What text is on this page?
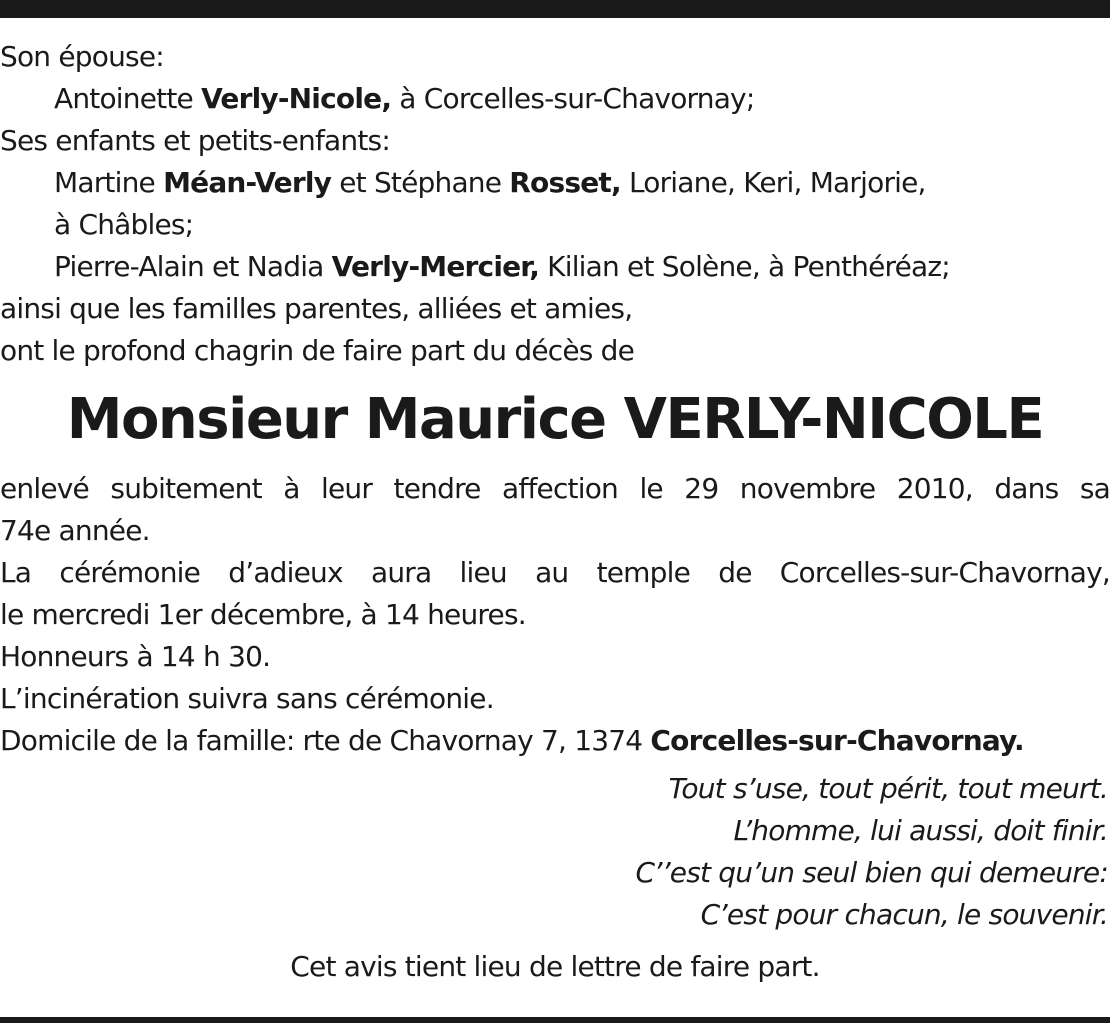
Son épouse:
Antoinette Verly-Nicole, à Corcelles-sur-Chavornay;
Ses enfants et petits-enfants:
Martine Méan-Verly et Stéphane Rosset, Loriane, Keri, Marjorie,
à Châbles;
Pierre-Alain et Nadia Verly-Mercier, Kilian et Solène, à Penthéréaz;
ainsi que les familles parentes, alliées et amies,
ont le profond chagrin de faire part du décès de
Monsieur Maurice VERLY-NICOLE
enlevé subitement à leur tendre affection le 29 novembre 2010, dans sa
74e année.
La cérémonie d’adieux aura lieu au temple de Corcelles-sur-Chavornay,
le mercredi 1er décembre, à 14 heures.
Honneurs à 14 h 30.
L’incinération suivra sans cérémonie.
Domicile de la famille: rte de Chavornay 7, 1374 Corcelles-sur-Chavornay.
Tout s’use, tout périt, tout meurt.
L’homme, lui aussi, doit finir.
C’’est qu’un seul bien qui demeure:
C’est pour chacun, le souvenir.
Cet avis tient lieu de lettre de faire part.
